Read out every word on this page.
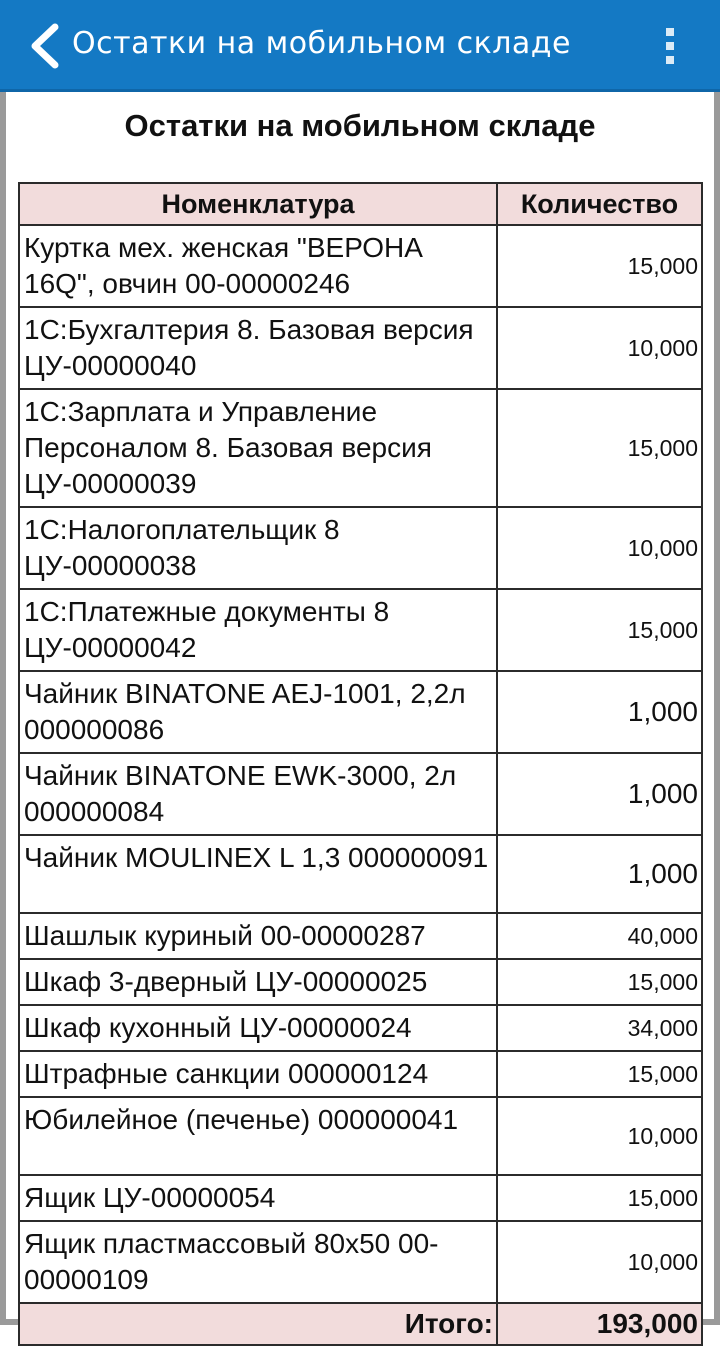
Остатки на мобильном складе
Остатки на мобильном складе
Номенклатура	Количество
Куртка мех. женская "ВЕРОНА 16Q", овчин 00-00000246	15,000
1С:Бухгалтерия 8. Базовая версия ЦУ-00000040	10,000
1С:Зарплата и Управление Персоналом 8. Базовая версия ЦУ-00000039	15,000
1С:Налогоплательщик 8 ЦУ-00000038	10,000
1С:Платежные документы 8 ЦУ-00000042	15,000
Чайник BINATONE AEJ-1001, 2,2л 000000086	1,000
Чайник BINATONE EWK-3000, 2л 000000084	1,000
Чайник MOULINEX L 1,3 000000091	1,000
Шашлык куриный 00-00000287	40,000
Шкаф 3-дверный ЦУ-00000025	15,000
Шкаф кухонный ЦУ-00000024	34,000
Штрафные санкции 000000124	15,000
Юбилейное (печенье) 000000041	10,000
Ящик ЦУ-00000054	15,000
Ящик пластмассовый 80x50 00-00000109	10,000
Итого:	193,000
